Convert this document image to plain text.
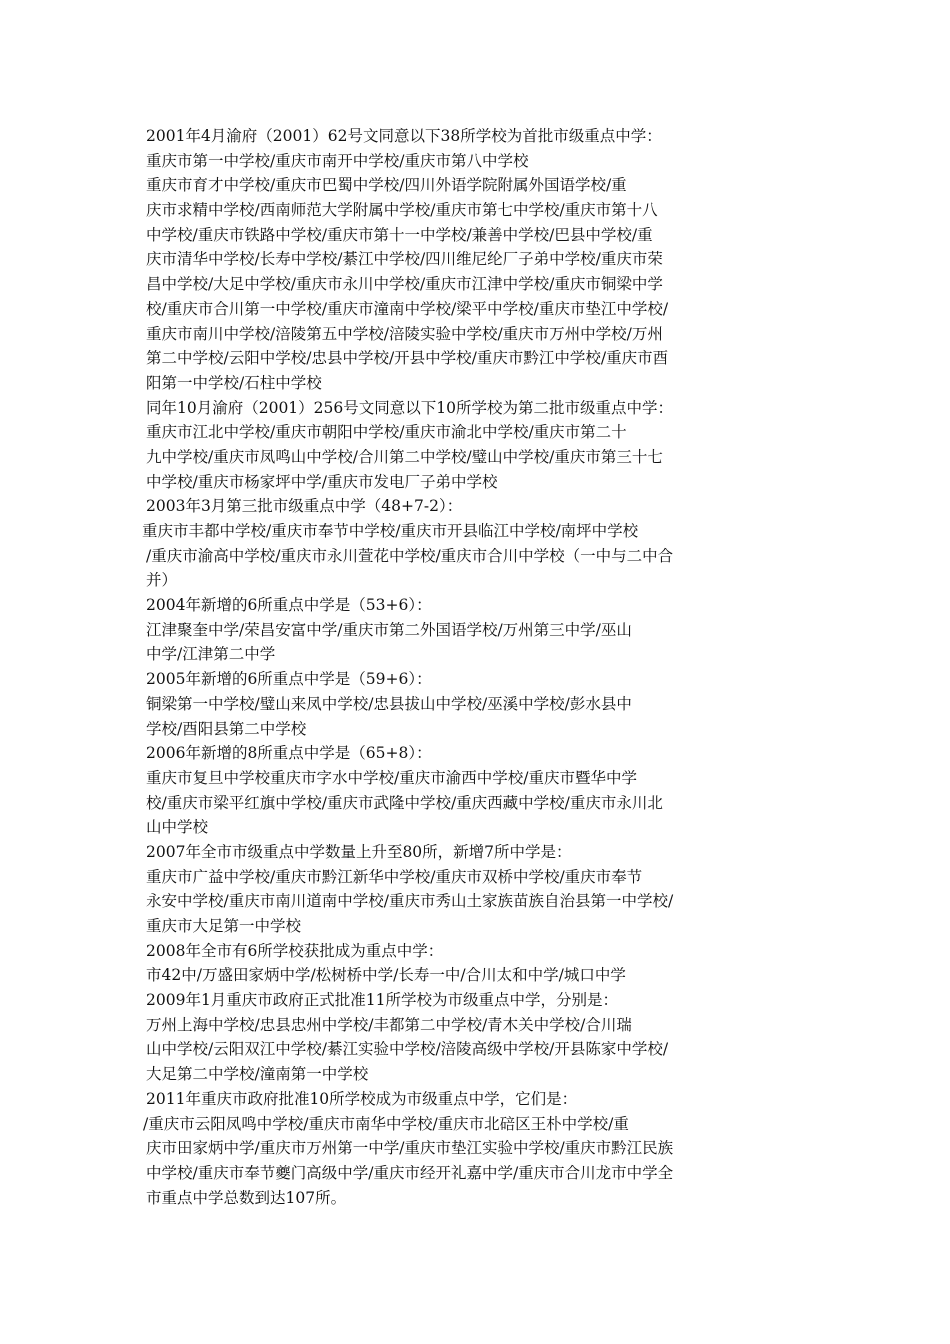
2001年4月渝府（2001）62号文同意以下38所学校为首批市级重点中学：
重庆市第一中学校/重庆市南开中学校/重庆市第八中学校
重庆市育才中学校/重庆市巴蜀中学校/四川外语学院附属外国语学校/重
庆市求精中学校/西南师范大学附属中学校/重庆市第七中学校/重庆市第十八
中学校/重庆市铁路中学校/重庆市第十一中学校/兼善中学校/巴县中学校/重
庆市清华中学校/长寿中学校/綦江中学校/四川维尼纶厂子弟中学校/重庆市荣
昌中学校/大足中学校/重庆市永川中学校/重庆市江津中学校/重庆市铜梁中学
校/重庆市合川第一中学校/重庆市潼南中学校/梁平中学校/重庆市垫江中学校/
重庆市南川中学校/涪陵第五中学校/涪陵实验中学校/重庆市万州中学校/万州
第二中学校/云阳中学校/忠县中学校/开县中学校/重庆市黔江中学校/重庆市酉
阳第一中学校/石柱中学校
同年10月渝府（2001）256号文同意以下10所学校为第二批市级重点中学：
重庆市江北中学校/重庆市朝阳中学校/重庆市渝北中学校/重庆市第二十
九中学校/重庆市凤鸣山中学校/合川第二中学校/璧山中学校/重庆市第三十七
中学校/重庆市杨家坪中学/重庆市发电厂子弟中学校
2003年3月第三批市级重点中学（48+7-2）：
重庆市丰都中学校/重庆市奉节中学校/重庆市开县临江中学校/南坪中学校
/重庆市渝高中学校/重庆市永川萱花中学校/重庆市合川中学校（一中与二中合
并）
2004年新增的6所重点中学是（53+6）：
江津聚奎中学/荣昌安富中学/重庆市第二外国语学校/万州第三中学/巫山
中学/江津第二中学
2005年新增的6所重点中学是（59+6）：
铜梁第一中学校/璧山来凤中学校/忠县拔山中学校/巫溪中学校/彭水县中
学校/酉阳县第二中学校
2006年新增的8所重点中学是（65+8）：
重庆市复旦中学校重庆市字水中学校/重庆市渝西中学校/重庆市暨华中学
校/重庆市梁平红旗中学校/重庆市武隆中学校/重庆西藏中学校/重庆市永川北
山中学校
2007年全市市级重点中学数量上升至80所，新增7所中学是：
重庆市广益中学校/重庆市黔江新华中学校/重庆市双桥中学校/重庆市奉节
永安中学校/重庆市南川道南中学校/重庆市秀山土家族苗族自治县第一中学校/
重庆市大足第一中学校
2008年全市有6所学校获批成为重点中学：
市42中/万盛田家炳中学/松树桥中学/长寿一中/合川太和中学/城口中学
2009年1月重庆市政府正式批准11所学校为市级重点中学，分别是：
万州上海中学校/忠县忠州中学校/丰都第二中学校/青木关中学校/合川瑞
山中学校/云阳双江中学校/綦江实验中学校/涪陵高级中学校/开县陈家中学校/
大足第二中学校/潼南第一中学校
2011年重庆市政府批准10所学校成为市级重点中学，它们是：
/重庆市云阳凤鸣中学校/重庆市南华中学校/重庆市北碚区王朴中学校/重
庆市田家炳中学/重庆市万州第一中学/重庆市垫江实验中学校/重庆市黔江民族
中学校/重庆市奉节夔门高级中学/重庆市经开礼嘉中学/重庆市合川龙市中学全
市重点中学总数到达107所。
